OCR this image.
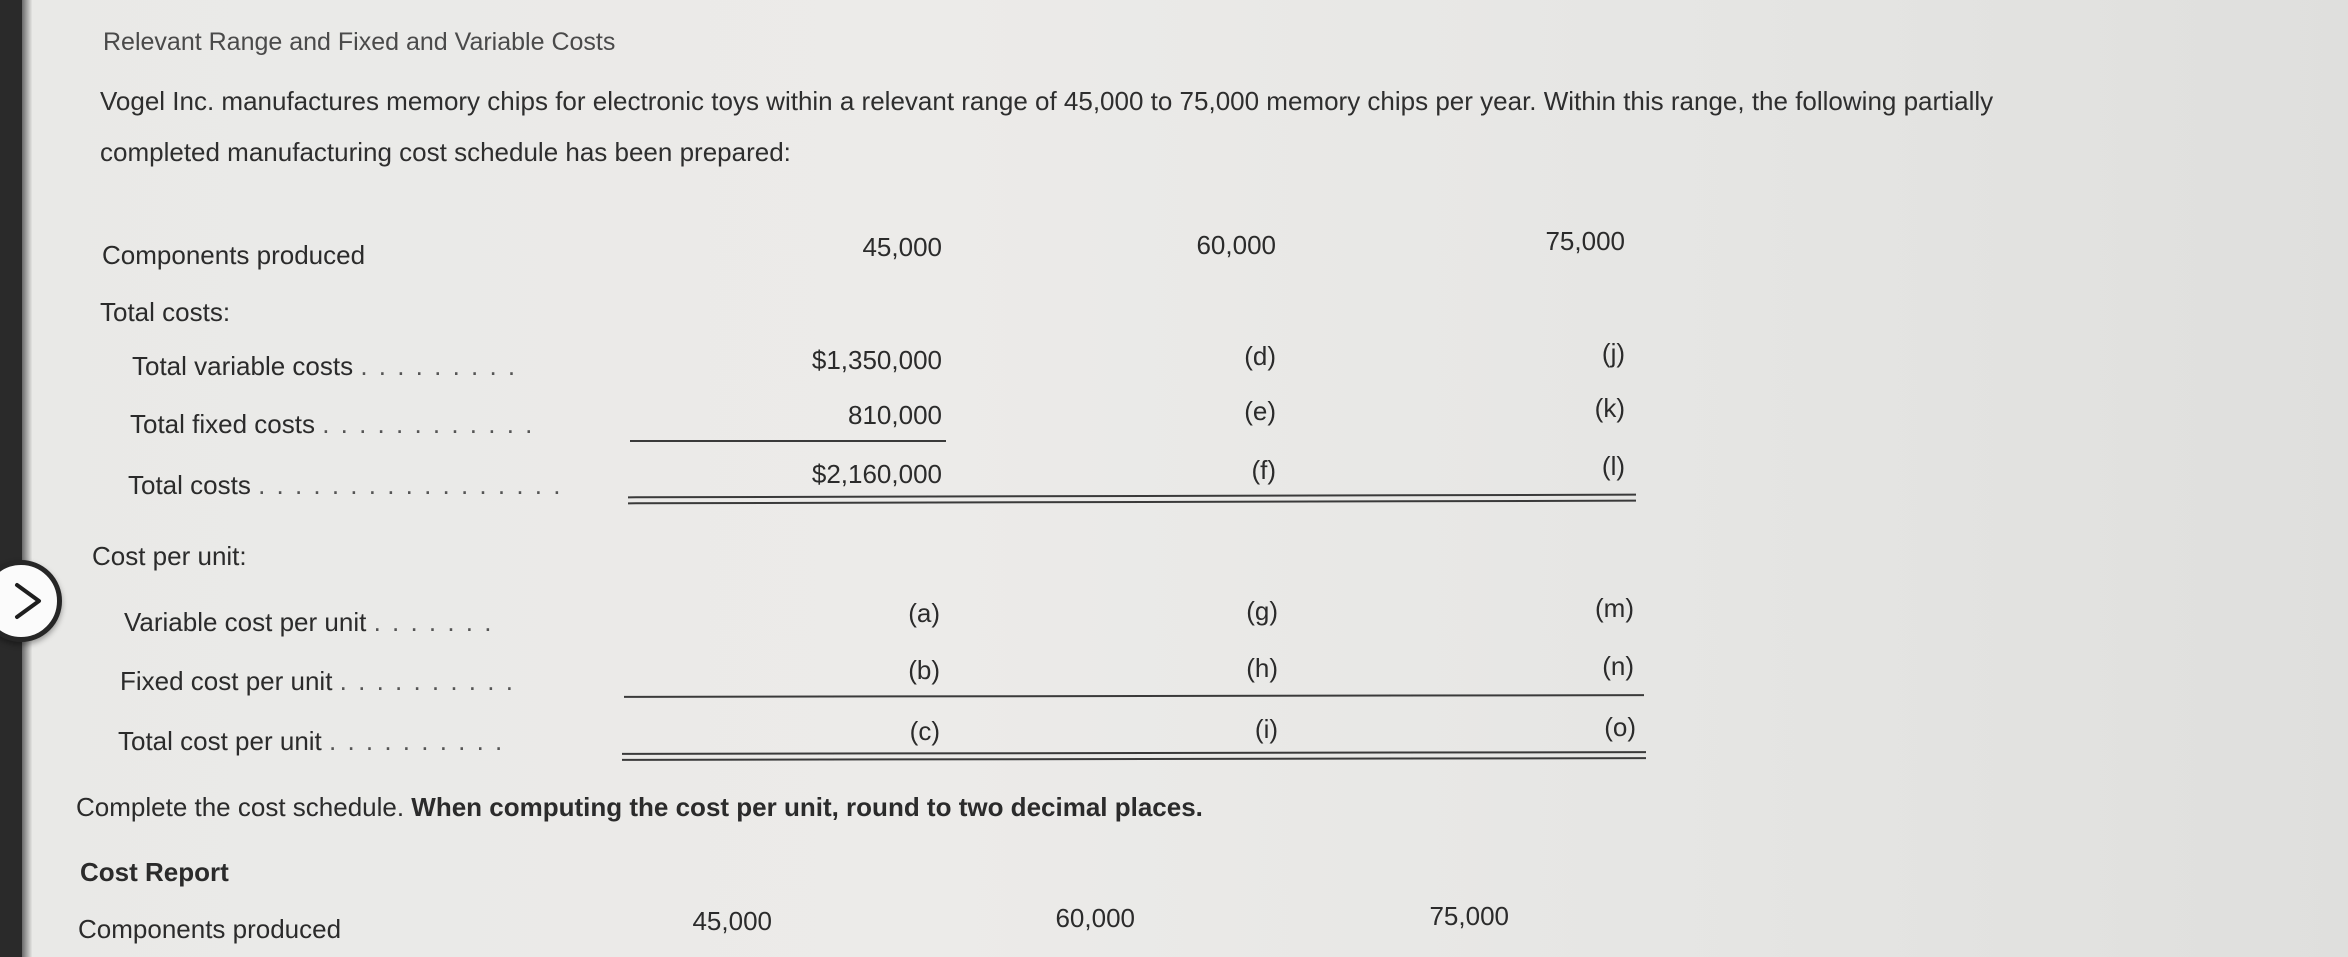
Relevant Range and Fixed and Variable Costs
Vogel Inc. manufactures memory chips for electronic toys within a relevant range of 45,000 to 75,000 memory chips per year. Within this range, the following partially
completed manufacturing cost schedule has been prepared:
Components produced	45,000	60,000	75,000
Total costs:
Total variable costs . . . . . . . . .	$1,350,000	(d)	(j)
Total fixed costs . . . . . . . . . . . .	810,000	(e)	(k)
Total costs . . . . . . . . . . . . . . . . .	$2,160,000	(f)	(l)
Cost per unit:
Variable cost per unit . . . . . . .	(a)	(g)	(m)
Fixed cost per unit . . . . . . . . . .	(b)	(h)	(n)
Total cost per unit . . . . . . . . . .	(c)	(i)	(o)
Complete the cost schedule. When computing the cost per unit, round to two decimal places.
Cost Report
Components produced	45,000	60,000	75,000
